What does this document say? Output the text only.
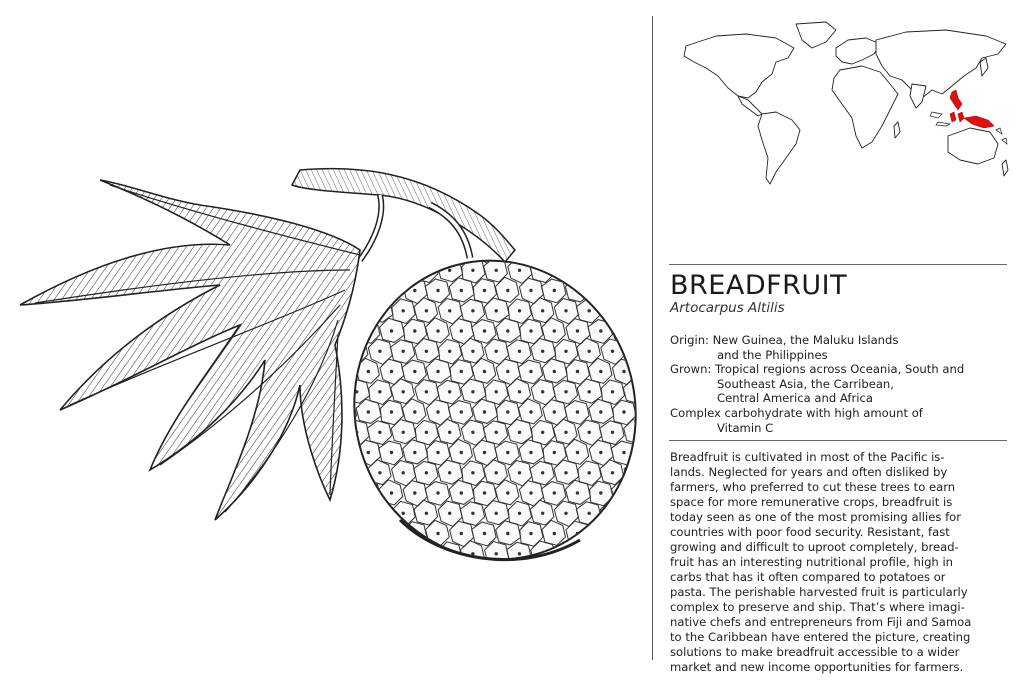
BREADFRUIT
Artocarpus Altilis
Origin: New Guinea, the Maluku Islands
and the Philippines
Grown: Tropical regions across Oceania, South and
Southeast Asia, the Carribean,
Central America and Africa
Complex carbohydrate with high amount of
Vitamin C
Breadfruit is cultivated in most of the Pacific is-
lands. Neglected for years and often disliked by
farmers, who preferred to cut these trees to earn
space for more remunerative crops, breadfruit is
today seen as one of the most promising allies for
countries with poor food security. Resistant, fast
growing and difficult to uproot completely, bread-
fruit has an interesting nutritional profile, high in
carbs that has it often compared to potatoes or
pasta. The perishable harvested fruit is particularly
complex to preserve and ship. That’s where imagi-
native chefs and entrepreneurs from Fiji and Samoa
to the Caribbean have entered the picture, creating
solutions to make breadfruit accessible to a wider
market and new income opportunities for farmers.
